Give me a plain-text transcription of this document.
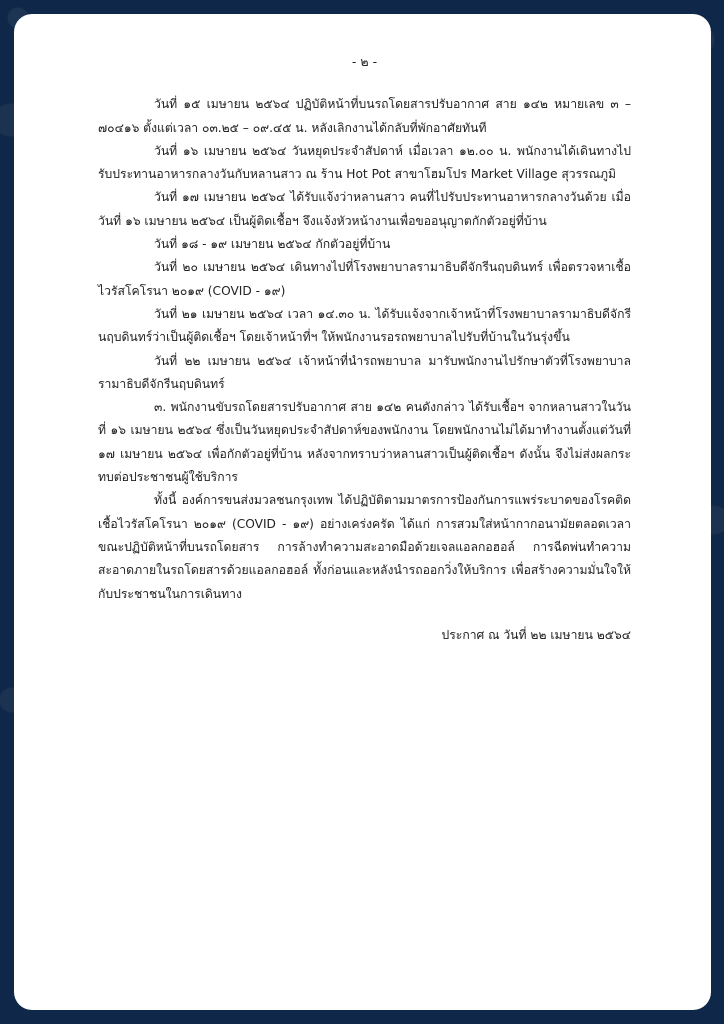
- ๒ -

วันที่ ๑๕ เมษายน ๒๕๖๔ ปฏิบัติหน้าที่บนรถโดยสารปรับอากาศ สาย ๑๔๒ หมายเลข ๓ – ๗๐๔๑๖ ตั้งแต่เวลา ๐๓.๒๕ – ๐๙.๔๕ น. หลังเลิกงานได้กลับที่พักอาศัยทันที

วันที่ ๑๖ เมษายน ๒๕๖๔ วันหยุดประจำสัปดาห์ เมื่อเวลา ๑๒.๐๐ น. พนักงานได้เดินทางไปรับประทานอาหารกลางวันกับหลานสาว ณ ร้าน Hot Pot สาขาโฮมโปร Market Village สุวรรณภูมิ

วันที่ ๑๗ เมษายน ๒๕๖๔ ได้รับแจ้งว่าหลานสาว คนที่ไปรับประทานอาหารกลางวันด้วย เมื่อวันที่ ๑๖ เมษายน ๒๕๖๔ เป็นผู้ติดเชื้อฯ จึงแจ้งหัวหน้างานเพื่อขออนุญาตกักตัวอยู่ที่บ้าน

วันที่ ๑๘ - ๑๙ เมษายน ๒๕๖๔ กักตัวอยู่ที่บ้าน

วันที่ ๒๐ เมษายน ๒๕๖๔ เดินทางไปที่โรงพยาบาลรามาธิบดีจักรีนฤบดินทร์ เพื่อตรวจหาเชื้อไวรัสโคโรนา ๒๐๑๙ (COVID - ๑๙)

วันที่ ๒๑ เมษายน ๒๕๖๔ เวลา ๑๔.๓๐ น. ได้รับแจ้งจากเจ้าหน้าที่โรงพยาบาลรามาธิบดีจักรีนฤบดินทร์ว่าเป็นผู้ติดเชื้อฯ โดยเจ้าหน้าที่ฯ ให้พนักงานรอรถพยาบาลไปรับที่บ้านในวันรุ่งขึ้น

วันที่ ๒๒ เมษายน ๒๕๖๔ เจ้าหน้าที่นำรถพยาบาล มารับพนักงานไปรักษาตัวที่โรงพยาบาลรามาธิบดีจักรีนฤบดินทร์

๓. พนักงานขับรถโดยสารปรับอากาศ สาย ๑๔๒ คนดังกล่าว ได้รับเชื้อฯ จากหลานสาวในวันที่ ๑๖ เมษายน ๒๕๖๔ ซึ่งเป็นวันหยุดประจำสัปดาห์ของพนักงาน โดยพนักงานไม่ได้มาทำงานตั้งแต่วันที่ ๑๗ เมษายน ๒๕๖๔ เพื่อกักตัวอยู่ที่บ้าน หลังจากทราบว่าหลานสาวเป็นผู้ติดเชื้อฯ ดังนั้น จึงไม่ส่งผลกระทบต่อประชาชนผู้ใช้บริการ

ทั้งนี้ องค์การขนส่งมวลชนกรุงเทพ ได้ปฏิบัติตามมาตรการป้องกันการแพร่ระบาดของโรคติดเชื้อไวรัสโคโรนา ๒๐๑๙ (COVID - ๑๙) อย่างเคร่งครัด ได้แก่ การสวมใส่หน้ากากอนามัยตลอดเวลาขณะปฏิบัติหน้าที่บนรถโดยสาร การล้างทำความสะอาดมือด้วยเจลแอลกอฮอล์ การฉีดพ่นทำความสะอาดภายในรถโดยสารด้วยแอลกอฮอล์ ทั้งก่อนและหลังนำรถออกวิ่งให้บริการ เพื่อสร้างความมั่นใจให้กับประชาชนในการเดินทาง

ประกาศ ณ วันที่ ๒๒ เมษายน ๒๕๖๔
